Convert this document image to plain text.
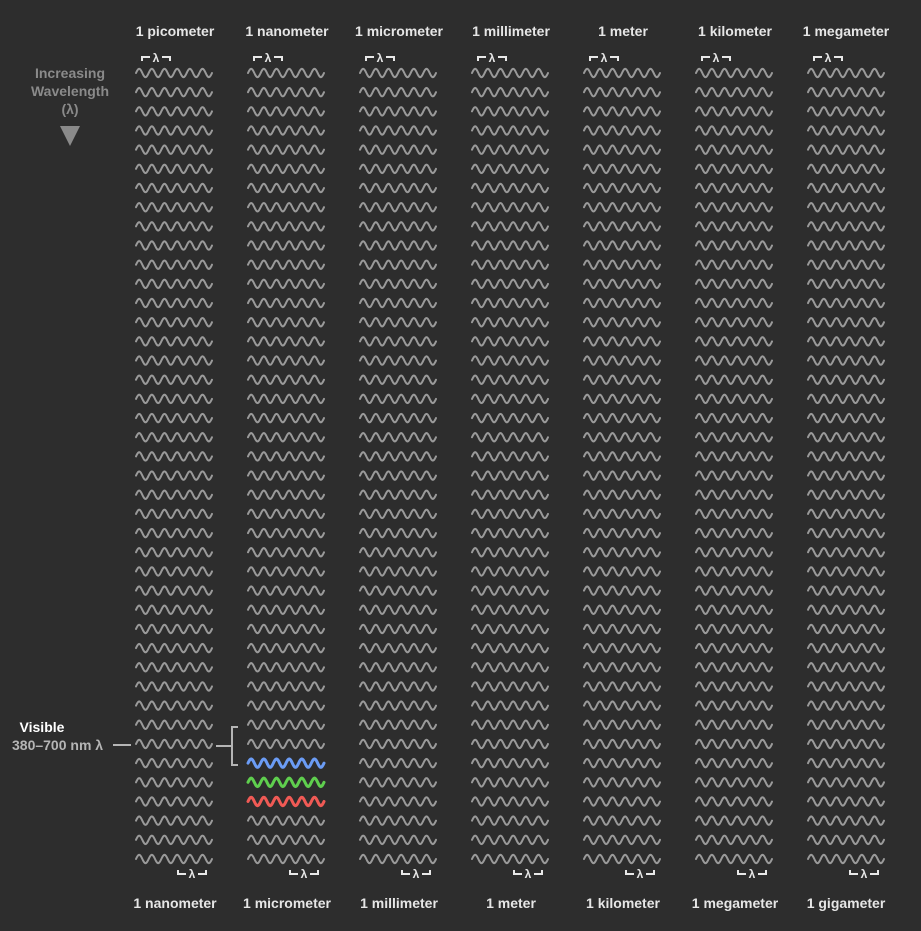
1 picometer	1 nanometer	1 micrometer	1 millimeter	1 meter	1 kilometer	1 megameter
1 nanometer	1 micrometer	1 millimeter	1 meter	1 kilometer	1 megameter	1 gigameter
Increasing
Wavelength
(λ)
Visible
380–700 nm λ
λ
λ
λ
λ
λ
λ
λ
λ
λ
λ
λ
λ
λ
λ
